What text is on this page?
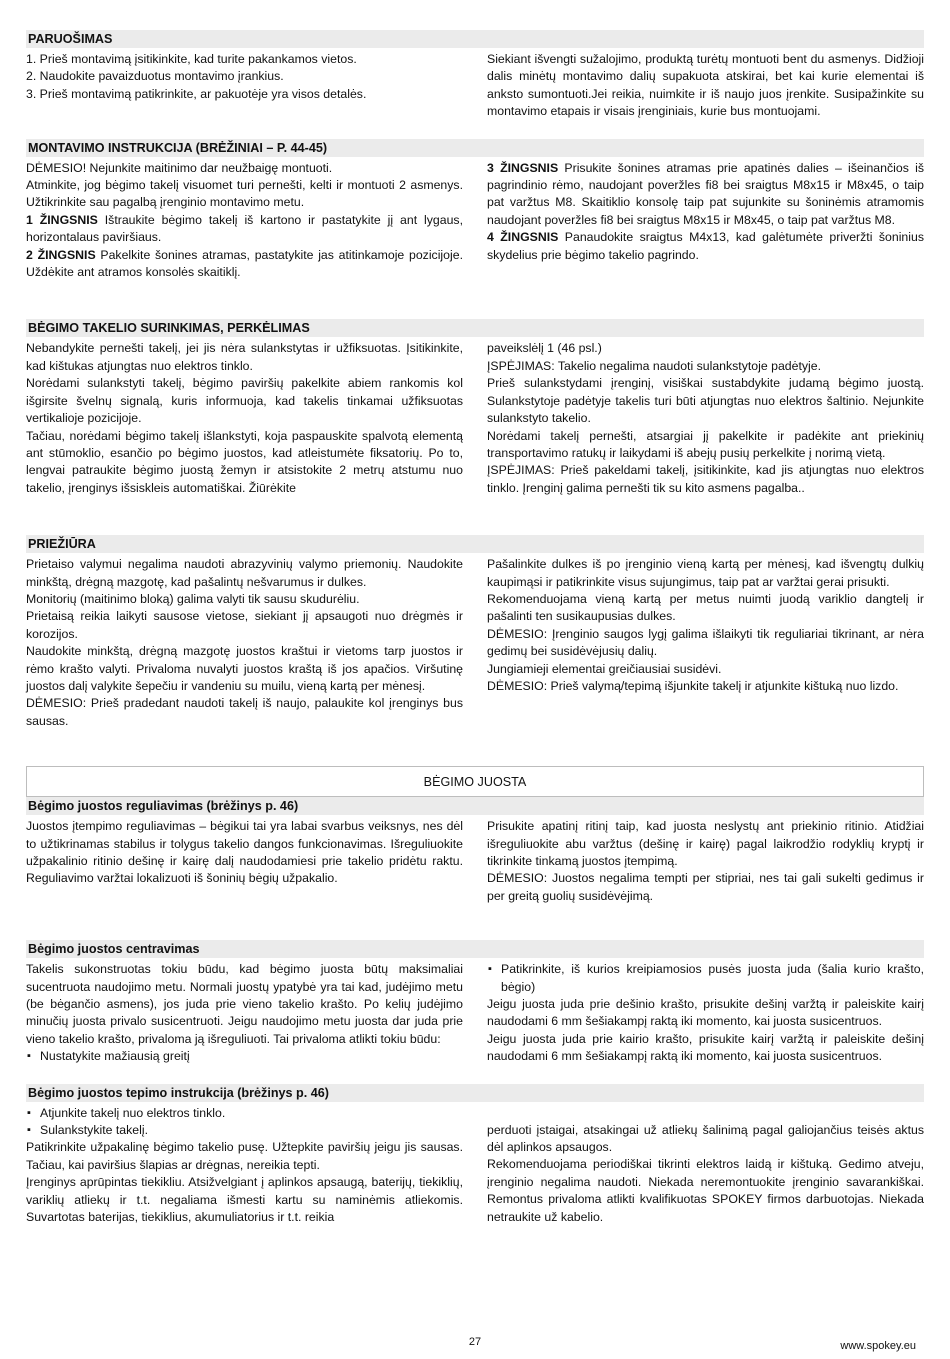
PARUOŠIMAS

1. Prieš montavimą įsitikinkite, kad turite pakankamos vietos.

2. Naudokite pavaizduotus montavimo įrankius.

3. Prieš montavimą patikrinkite, ar pakuotėje yra visos detalės.

Siekiant išvengti sužalojimo, produktą turėtų montuoti bent du asmenys. Didžioji dalis minėtų montavimo dalių supakuota atskirai, bet kai kurie elementai iš anksto sumontuoti.Jei reikia, nuimkite ir iš naujo juos įrenkite. Susipažinkite su montavimo etapais ir visais įrenginiais, kurie bus montuojami.

MONTAVIMO INSTRUKCIJA (BRĖŽINIAI – P. 44-45)

DĖMESIO! Nejunkite maitinimo dar neužbaigę montuoti.

Atminkite, jog bėgimo takelį visuomet turi pernešti, kelti ir montuoti 2 asmenys. Užtikrinkite sau pagalbą įrenginio montavimo metu.

1 ŽINGSNIS Ištraukite bėgimo takelį iš kartono ir pastatykite jį ant lygaus, horizontalaus paviršiaus.

2 ŽINGSNIS Pakelkite šonines atramas, pastatykite jas atitinkamoje pozicijoje. Uždėkite ant atramos konsolės skaitiklį.

3 ŽINGSNIS Prisukite šonines atramas prie apatinės dalies – išeinančios iš pagrindinio rėmo, naudojant poveržles fi8 bei sraigtus M8x15 ir M8x45, o taip pat varžtus M8. Skaitiklio konsolę taip pat sujunkite su šoninėmis atramomis naudojant poveržles fi8 bei sraigtus M8x15 ir M8x45, o taip pat varžtus M8.

4 ŽINGSNIS Panaudokite sraigtus M4x13, kad galėtumėte priveržti šoninius skydelius prie bėgimo takelio pagrindo.

BĖGIMO TAKELIO SURINKIMAS, PERKĖLIMAS

Nebandykite pernešti takelį, jei jis nėra sulankstytas ir užfiksuotas. Įsitikinkite, kad kištukas atjungtas nuo elektros tinklo.

Norėdami sulankstyti takelį, bėgimo paviršių pakelkite abiem rankomis kol išgirsite švelnų signalą, kuris informuoja, kad takelis tinkamai užfiksuotas vertikalioje pozicijoje.

Tačiau, norėdami bėgimo takelį išlankstyti, koja paspauskite spalvotą elementą ant stūmoklio, esančio po bėgimo juostos, kad atleistumėte fiksatorių. Po to, lengvai patraukite bėgimo juostą žemyn ir atsistokite 2 metrų atstumu nuo takelio, įrenginys išsiskleis automatiškai. Žiūrėkite

paveikslėlį 1 (46 psl.)

ĮSPĖJIMAS: Takelio negalima naudoti sulankstytoje padėtyje.

Prieš sulankstydami įrenginį, visiškai sustabdykite judamą bėgimo juostą. Sulankstytoje padėtyje takelis turi būti atjungtas nuo elektros šaltinio. Nejunkite sulankstyto takelio.

Norėdami takelį pernešti, atsargiai jį pakelkite ir padėkite ant priekinių transportavimo ratukų ir laikydami iš abejų pusių perkelkite į norimą vietą.

ĮSPĖJIMAS: Prieš pakeldami takelį, įsitikinkite, kad jis atjungtas nuo elektros tinklo. Įrenginį galima pernešti tik su kito asmens pagalba..

PRIEŽIŪRA

Prietaiso valymui negalima naudoti abrazyvinių valymo priemonių. Naudokite minkštą, drėgną mazgotę, kad pašalintų nešvarumus ir dulkes.

Monitorių (maitinimo bloką) galima valyti tik sausu skudurėliu.

Prietaisą reikia laikyti sausose vietose, siekiant jį apsaugoti nuo drėgmės ir korozijos.

Naudokite minkštą, drėgną mazgotę juostos kraštui ir vietoms tarp juostos ir rėmo krašto valyti. Privaloma nuvalyti juostos kraštą iš jos apačios. Viršutinę juostos dalį valykite šepečiu ir vandeniu su muilu, vieną kartą per mėnesį.

DĖMESIO: Prieš pradedant naudoti takelį iš naujo, palaukite kol įrenginys bus sausas.

Pašalinkite dulkes iš po įrenginio vieną kartą per mėnesį, kad išvengtų dulkių kaupimąsi ir patikrinkite visus sujungimus, taip pat ar varžtai gerai prisukti.

Rekomenduojama vieną kartą per metus nuimti juodą variklio dangtelį ir pašalinti ten susikaupusias dulkes.

DĖMESIO: Įrenginio saugos lygį galima išlaikyti tik reguliariai tikrinant, ar nėra gedimų bei susidėvėjusių dalių.

Jungiamieji elementai greičiausiai susidėvi.

DĖMESIO: Prieš valymą/tepimą išjunkite takelį ir atjunkite kištuką nuo lizdo.

BĖGIMO JUOSTA
Bėgimo juostos reguliavimas (brėžinys p. 46)

Juostos įtempimo reguliavimas – bėgikui tai yra labai svarbus veiksnys, nes dėl to užtikrinamas stabilus ir tolygus takelio dangos funkcionavimas. Išreguliuokite užpakalinio ritinio dešinę ir kairę dalį naudodamiesi prie takelio pridėtu raktu. Reguliavimo varžtai lokalizuoti iš šoninių bėgių užpakalio.

Prisukite apatinį ritinį taip, kad juosta neslystų ant priekinio ritinio. Atidžiai išreguliuokite abu varžtus (dešinę ir kairę) pagal laikrodžio rodyklių kryptį ir tikrinkite tinkamą juostos įtempimą.

DĖMESIO: Juostos negalima tempti per stipriai, nes tai gali sukelti gedimus ir per greitą guolių susidėvėjimą.

Bėgimo juostos centravimas

Takelis sukonstruotas tokiu būdu, kad bėgimo juosta būtų maksimaliai sucentruota naudojimo metu. Normali juostų ypatybė yra tai kad, judėjimo metu (be bėgančio asmens), jos juda prie vieno takelio krašto. Po kelių judėjimo minučių juosta privalo susicentruoti. Jeigu naudojimo metu juosta dar juda prie vieno takelio krašto, privaloma ją išreguliuoti. Tai privaloma atlikti tokiu būdu:

▪ Nustatykite mažiausią greitį
▪ Patikrinkite, iš kurios kreipiamosios pusės juosta juda (šalia kurio krašto, bėgio)

Jeigu juosta juda prie dešinio krašto, prisukite dešinį varžtą ir paleiskite kairį naudodami 6 mm šešiakampį raktą iki momento, kai juosta susicentruos.

Jeigu juosta juda prie kairio krašto, prisukite kairį varžtą ir paleiskite dešinį naudodami 6 mm šešiakampį raktą iki momento, kai juosta susicentruos.

Bėgimo juostos tepimo instrukcija (brėžinys p. 46)
▪ Atjunkite takelį nuo elektros tinklo.
▪ Sulankstykite takelį.

Patikrinkite užpakalinę bėgimo takelio pusę. Užtepkite paviršių jeigu jis sausas. Tačiau, kai paviršius šlapias ar drėgnas, nereikia tepti.

Įrenginys aprūpintas tiekikliu. Atsižvelgiant į aplinkos apsaugą, baterijų, tiekiklių, variklių atliekų ir t.t. negaliama išmesti kartu su naminėmis atliekomis. Suvartotas baterijas, tiekiklius, akumuliatorius ir t.t. reikia

perduoti įstaigai, atsakingai už atliekų šalinimą pagal galiojančius teisės aktus dėl aplinkos apsaugos.

Rekomenduojama periodiškai tikrinti elektros laidą ir kištuką. Gedimo atveju, įrenginio negalima naudoti. Niekada neremontuokite įrenginio savarankiškai. Remontus privaloma atlikti kvalifikuotas SPOKEY firmos darbuotojas. Niekada netraukite už kabelio.

27	www.spokey.eu
